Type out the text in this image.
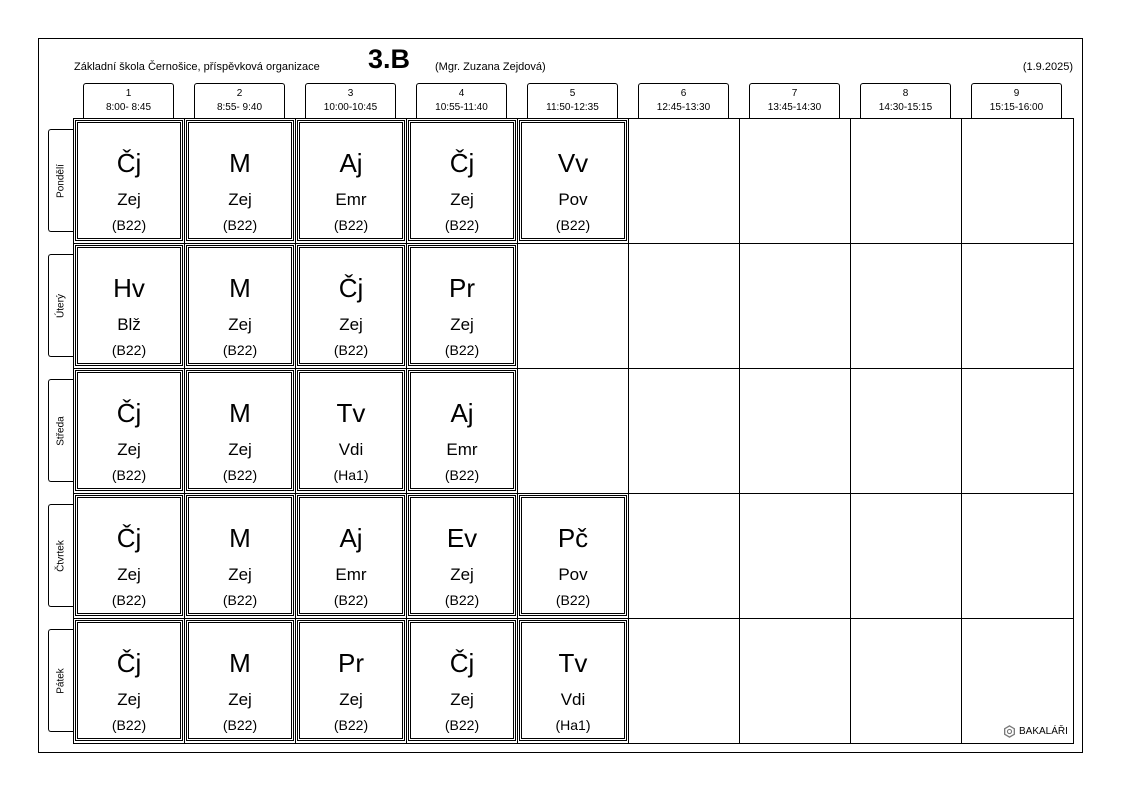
Základní škola Černošice, příspěvková organizace 3.B (Mgr. Zuzana Zejdová)	(1.9.2025)
1
8:00- 8:45
2
8:55- 9:40
3
10:00-10:45
4
10:55-11:40
5
11:50-12:35
6
12:45-13:30
7
13:45-14:30
8
14:30-15:15
9
15:15-16:00
Pondělí
Úterý
Středa
Čtvrtek
Pátek
Čj
Zej
(B22)
M
Zej
(B22)
Aj
Emr
(B22)
Čj
Zej
(B22)
Vv
Pov
(B22)
Hv
Blž
(B22)
M
Zej
(B22)
Čj
Zej
(B22)
Pr
Zej
(B22)
Čj
Zej
(B22)
M
Zej
(B22)
Tv
Vdi
(Ha1)
Aj
Emr
(B22)
Čj
Zej
(B22)
M
Zej
(B22)
Aj
Emr
(B22)
Ev
Zej
(B22)
Pč
Pov
(B22)
Čj
Zej
(B22)
M
Zej
(B22)
Pr
Zej
(B22)
Čj
Zej
(B22)
Tv
Vdi
(Ha1)	BAKALÁŘI
